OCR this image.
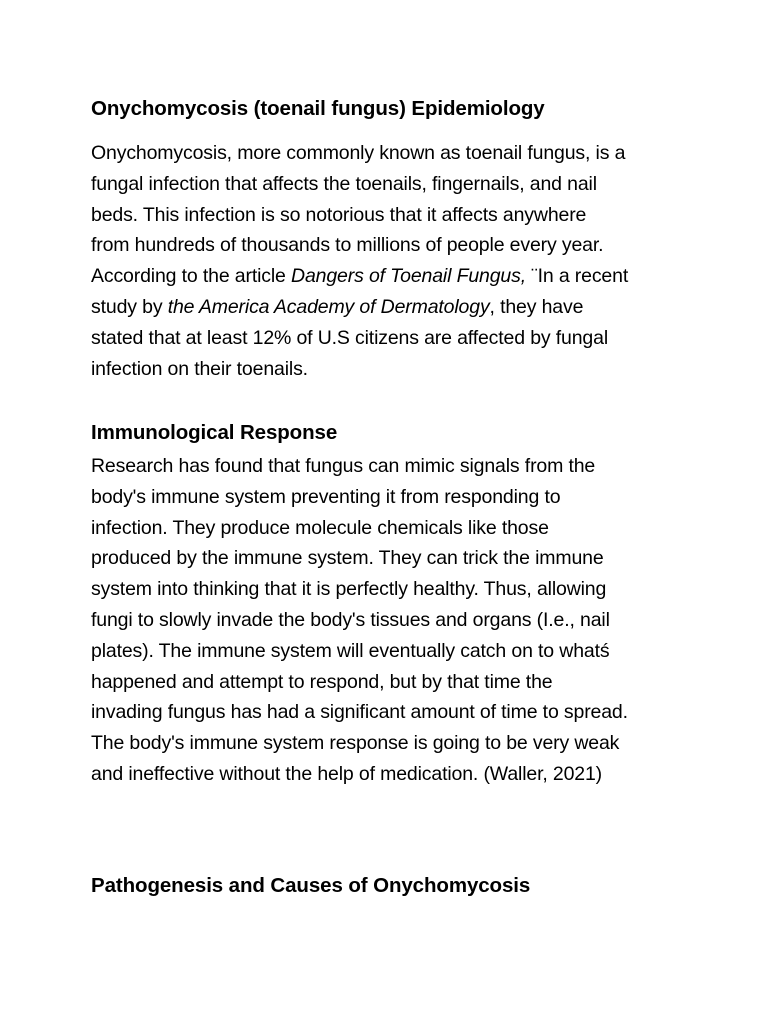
Onychomycosis (toenail fungus) Epidemiology
Onychomycosis, more commonly known as toenail fungus, is a
fungal infection that affects the toenails, fingernails, and nail
beds. This infection is so notorious that it affects anywhere
from hundreds of thousands to millions of people every year.
According to the article Dangers of Toenail Fungus, ¨In a recent
study by the America Academy of Dermatology, they have
stated that at least 12% of U.S citizens are affected by fungal
infection on their toenails.
Immunological Response
Research has found that fungus can mimic signals from the
body's immune system preventing it from responding to
infection. They produce molecule chemicals like those
produced by the immune system. They can trick the immune
system into thinking that it is perfectly healthy. Thus, allowing
fungi to slowly invade the body's tissues and organs (I.e., nail
plates). The immune system will eventually catch on to whatś
happened and attempt to respond, but by that time the
invading fungus has had a significant amount of time to spread.
The body's immune system response is going to be very weak
and ineffective without the help of medication. (Waller, 2021)
Pathogenesis and Causes of Onychomycosis
